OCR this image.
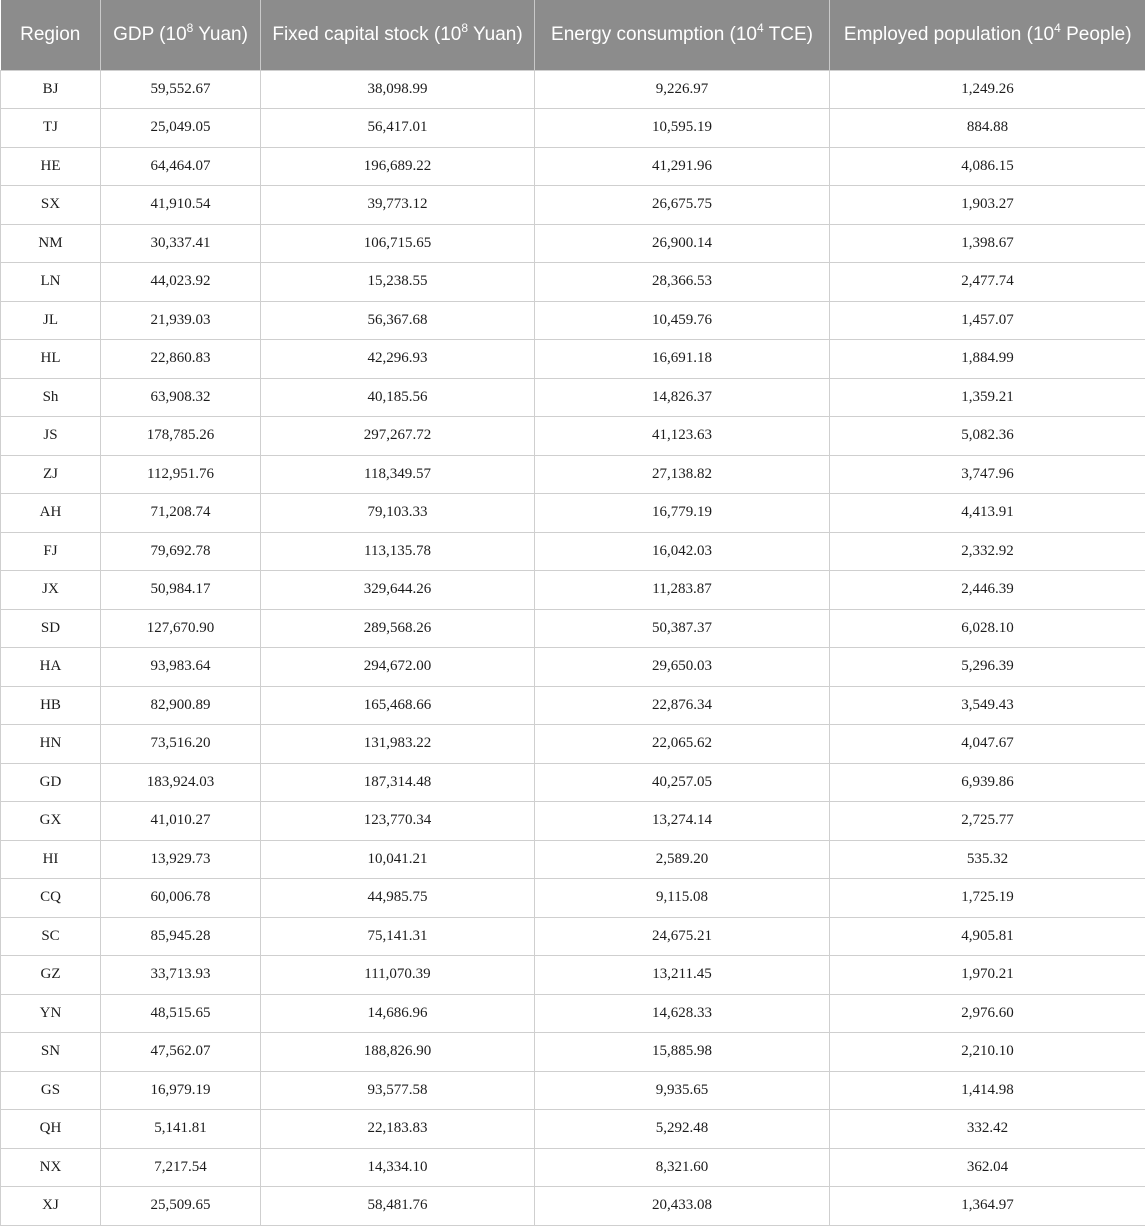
Region	GDP ($10^8$ Yuan)	Fixed capital stock ($10^8$ Yuan)	Energy consumption ($10^4$ TCE)	Employed population ($10^4$ People)
BJ	59,552.67	38,098.99	9,226.97	1,249.26
TJ	25,049.05	56,417.01	10,595.19	884.88
HE	64,464.07	196,689.22	41,291.96	4,086.15
SX	41,910.54	39,773.12	26,675.75	1,903.27
NM	30,337.41	106,715.65	26,900.14	1,398.67
LN	44,023.92	15,238.55	28,366.53	2,477.74
JL	21,939.03	56,367.68	10,459.76	1,457.07
HL	22,860.83	42,296.93	16,691.18	1,884.99
Sh	63,908.32	40,185.56	14,826.37	1,359.21
JS	178,785.26	297,267.72	41,123.63	5,082.36
ZJ	112,951.76	118,349.57	27,138.82	3,747.96
AH	71,208.74	79,103.33	16,779.19	4,413.91
FJ	79,692.78	113,135.78	16,042.03	2,332.92
JX	50,984.17	329,644.26	11,283.87	2,446.39
SD	127,670.90	289,568.26	50,387.37	6,028.10
HA	93,983.64	294,672.00	29,650.03	5,296.39
HB	82,900.89	165,468.66	22,876.34	3,549.43
HN	73,516.20	131,983.22	22,065.62	4,047.67
GD	183,924.03	187,314.48	40,257.05	6,939.86
GX	41,010.27	123,770.34	13,274.14	2,725.77
HI	13,929.73	10,041.21	2,589.20	535.32
CQ	60,006.78	44,985.75	9,115.08	1,725.19
SC	85,945.28	75,141.31	24,675.21	4,905.81
GZ	33,713.93	111,070.39	13,211.45	1,970.21
YN	48,515.65	14,686.96	14,628.33	2,976.60
SN	47,562.07	188,826.90	15,885.98	2,210.10
GS	16,979.19	93,577.58	9,935.65	1,414.98
QH	5,141.81	22,183.83	5,292.48	332.42
NX	7,217.54	14,334.10	8,321.60	362.04
XJ	25,509.65	58,481.76	20,433.08	1,364.97
